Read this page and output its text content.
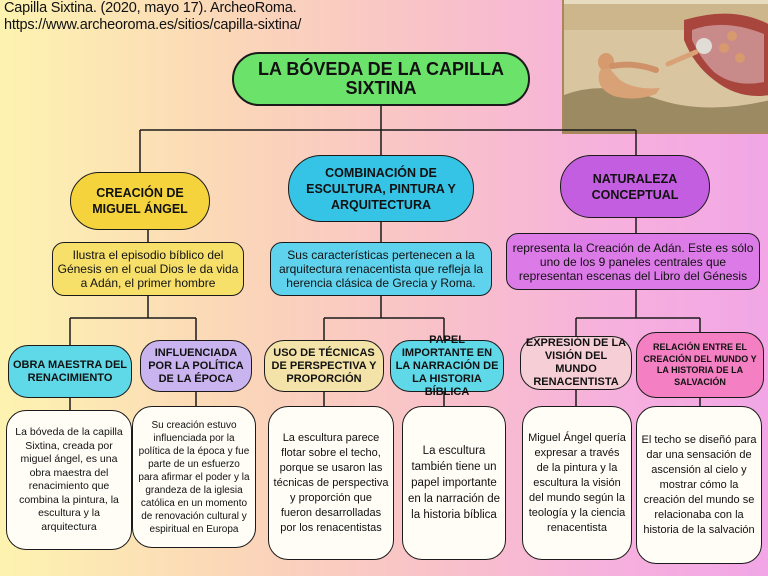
Capilla Sixtina. (2020, mayo 17). ArcheoRoma.
https://www.archeoroma.es/sitios/capilla-sixtina/
LA BÓVEDA DE LA CAPILLA SIXTINA
CREACIÓN DE MIGUEL ÁNGEL
COMBINACIÓN DE ESCULTURA, PINTURA Y ARQUITECTURA
NATURALEZA CONCEPTUAL
Ilustra el episodio bíblico del Génesis en el cual Dios le da vida a Adán, el primer hombre
Sus características pertenecen a la arquitectura renacentista que refleja la herencia clásica de Grecia y Roma.
representa la Creación de Adán. Este es sólo uno de los 9 paneles centrales que representan escenas del Libro del Génesis
OBRA MAESTRA DEL RENACIMIENTO
INFLUENCIADA POR LA POLÍTICA DE LA ÉPOCA
USO DE TÉCNICAS DE PERSPECTIVA Y PROPORCIÓN
PAPEL IMPORTANTE EN LA NARRACIÓN DE LA HISTORIA BÍBLICA
EXPRESIÓN DE LA VISIÓN DEL MUNDO RENACENTISTA
RELACIÓN ENTRE EL CREACIÓN DEL MUNDO Y LA HISTORIA DE LA SALVACIÓN
La bóveda de la capilla Sixtina, creada por miguel ángel, es una obra maestra del renacimiento que combina la pintura, la escultura y la arquitectura
Su creación estuvo influenciada por la política de la época y fue parte de un esfuerzo para afirmar el poder y la grandeza de la iglesia católica en un momento de renovación cultural y espiritual en Europa
La escultura parece flotar sobre el techo, porque se usaron las técnicas de perspectiva y proporción que fueron desarrolladas por los renacentistas
La escultura también tiene un papel importante en la narración de la historia bíblica
Miguel Ángel quería expresar a través de la pintura y la escultura la visión del mundo según la teología y la ciencia renacentista
El techo se diseñó para dar una sensación de ascensión al cielo y mostrar cómo la creación del mundo se relacionaba con la historia de la salvación
